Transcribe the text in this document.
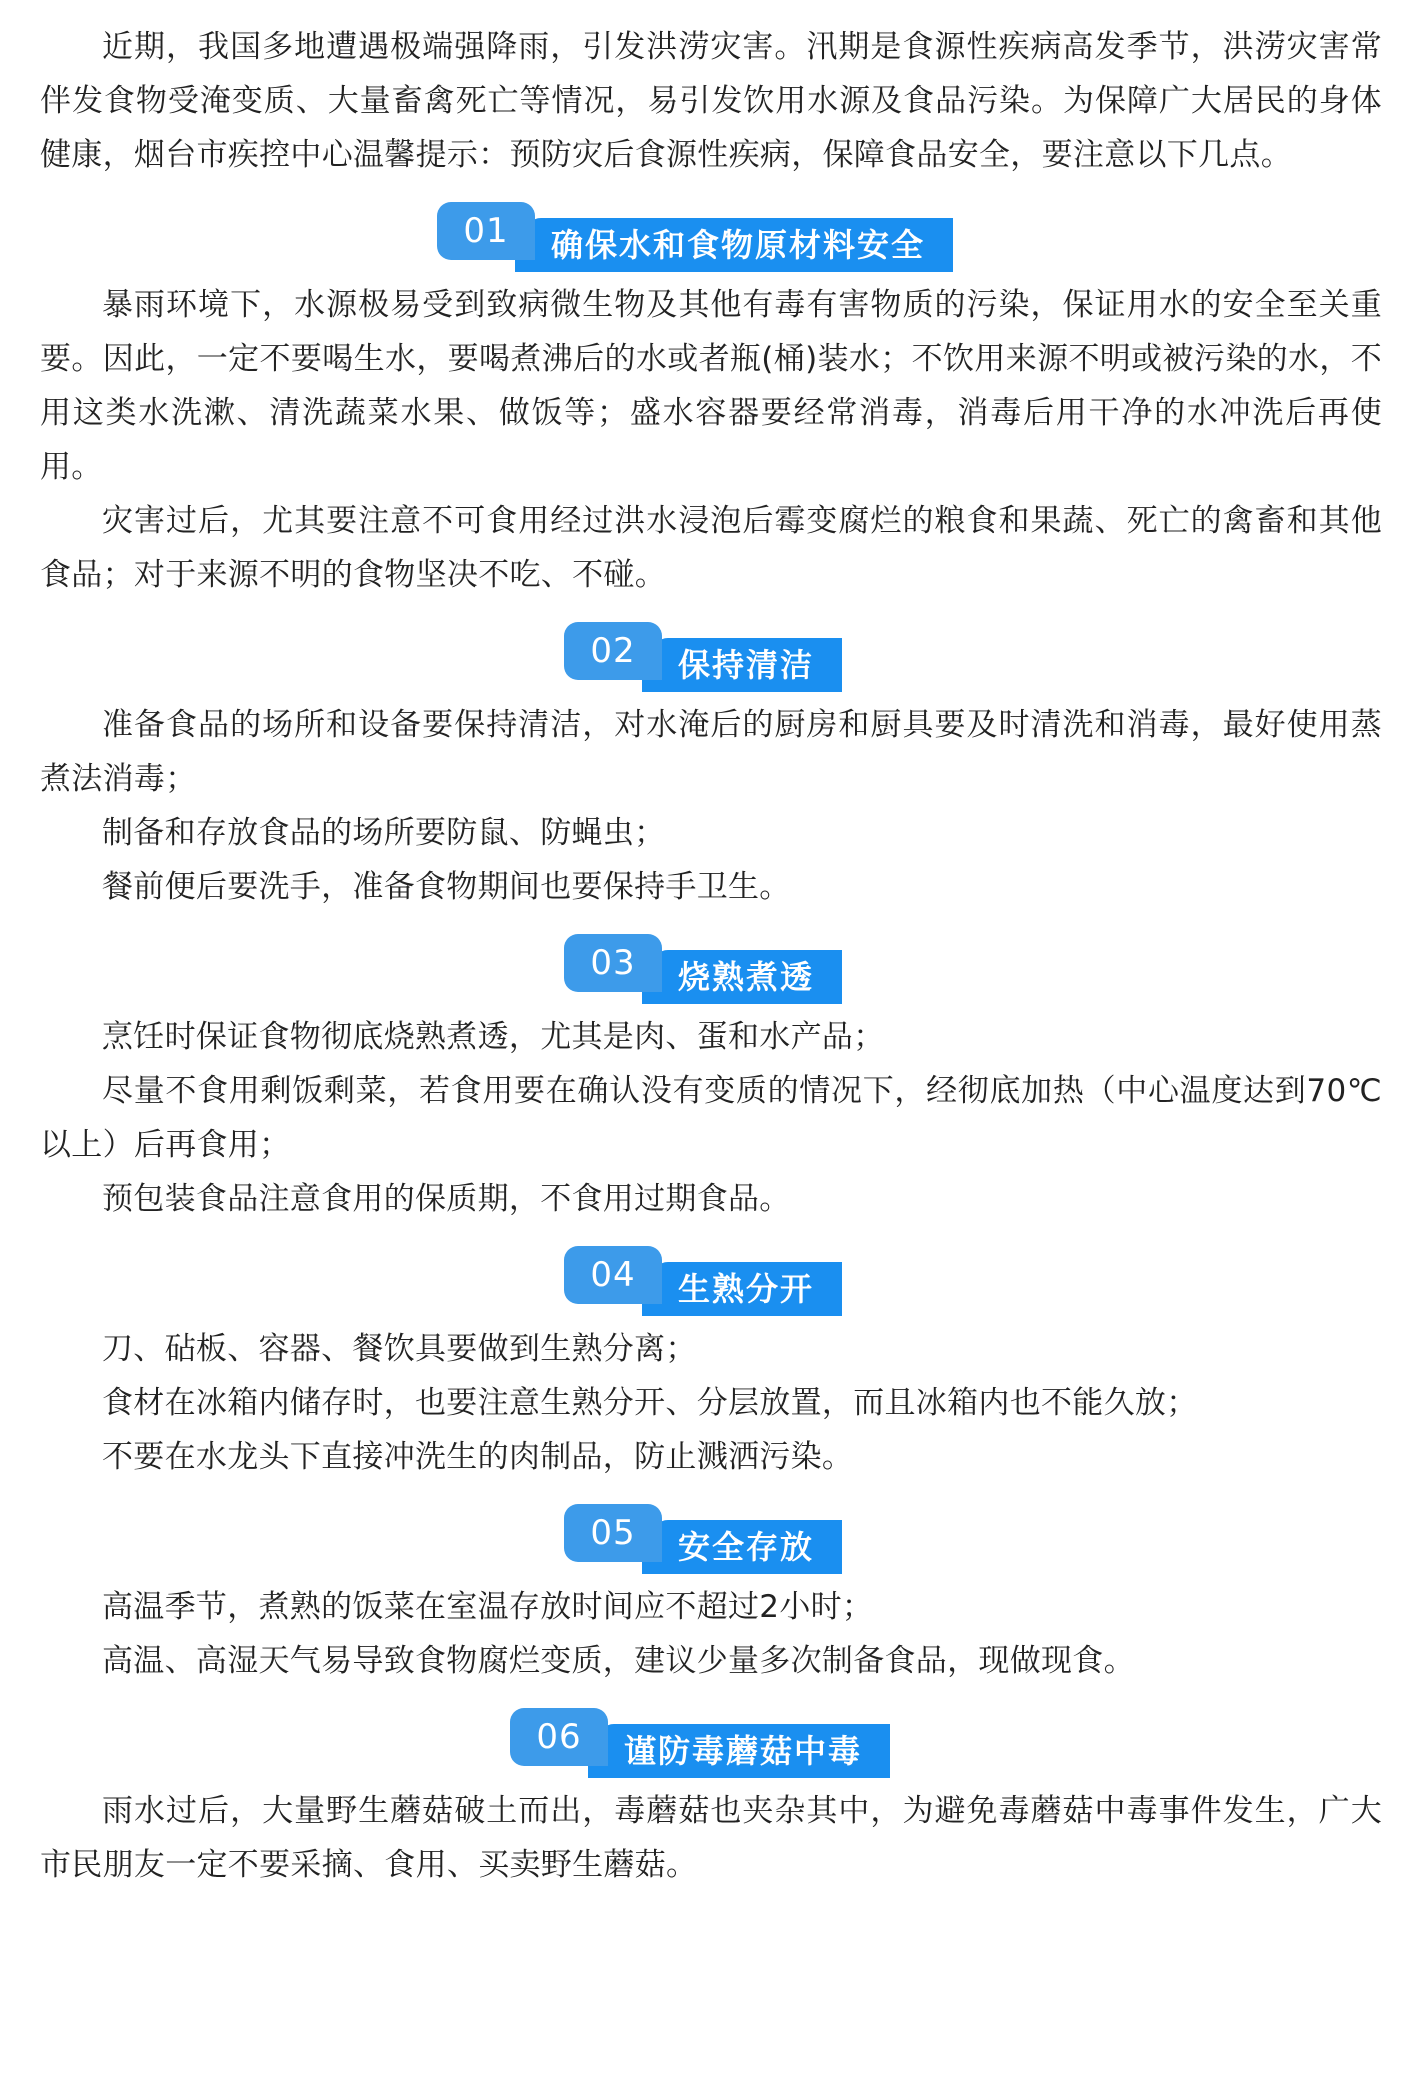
近期，我国多地遭遇极端强降雨，引发洪涝灾害。汛期是食源性疾病高发季节，洪涝灾害常伴发食物受淹变质、大量畜禽死亡等情况，易引发饮用水源及食品污染。为保障广大居民的身体健康，烟台市疾控中心温馨提示：预防灾后食源性疾病，保障食品安全，要注意以下几点。

01	确保水和食物原材料安全

暴雨环境下，水源极易受到致病微生物及其他有毒有害物质的污染，保证用水的安全至关重要。因此，一定不要喝生水，要喝煮沸后的水或者瓶(桶)装水；不饮用来源不明或被污染的水，不用这类水洗漱、清洗蔬菜水果、做饭等；盛水容器要经常消毒，消毒后用干净的水冲洗后再使用。

灾害过后，尤其要注意不可食用经过洪水浸泡后霉变腐烂的粮食和果蔬、死亡的禽畜和其他食品；对于来源不明的食物坚决不吃、不碰。

02	保持清洁

准备食品的场所和设备要保持清洁，对水淹后的厨房和厨具要及时清洗和消毒，最好使用蒸煮法消毒；

制备和存放食品的场所要防鼠、防蝇虫；

餐前便后要洗手，准备食物期间也要保持手卫生。

03	烧熟煮透

烹饪时保证食物彻底烧熟煮透，尤其是肉、蛋和水产品；

尽量不食用剩饭剩菜，若食用要在确认没有变质的情况下，经彻底加热（中心温度达到70℃以上）后再食用；

预包装食品注意食用的保质期，不食用过期食品。

04	生熟分开

刀、砧板、容器、餐饮具要做到生熟分离；

食材在冰箱内储存时，也要注意生熟分开、分层放置，而且冰箱内也不能久放；

不要在水龙头下直接冲洗生的肉制品，防止溅洒污染。

05	安全存放

高温季节，煮熟的饭菜在室温存放时间应不超过2小时；

高温、高湿天气易导致食物腐烂变质，建议少量多次制备食品，现做现食。

06	谨防毒蘑菇中毒

雨水过后，大量野生蘑菇破土而出，毒蘑菇也夹杂其中，为避免毒蘑菇中毒事件发生，广大市民朋友一定不要采摘、食用、买卖野生蘑菇。
